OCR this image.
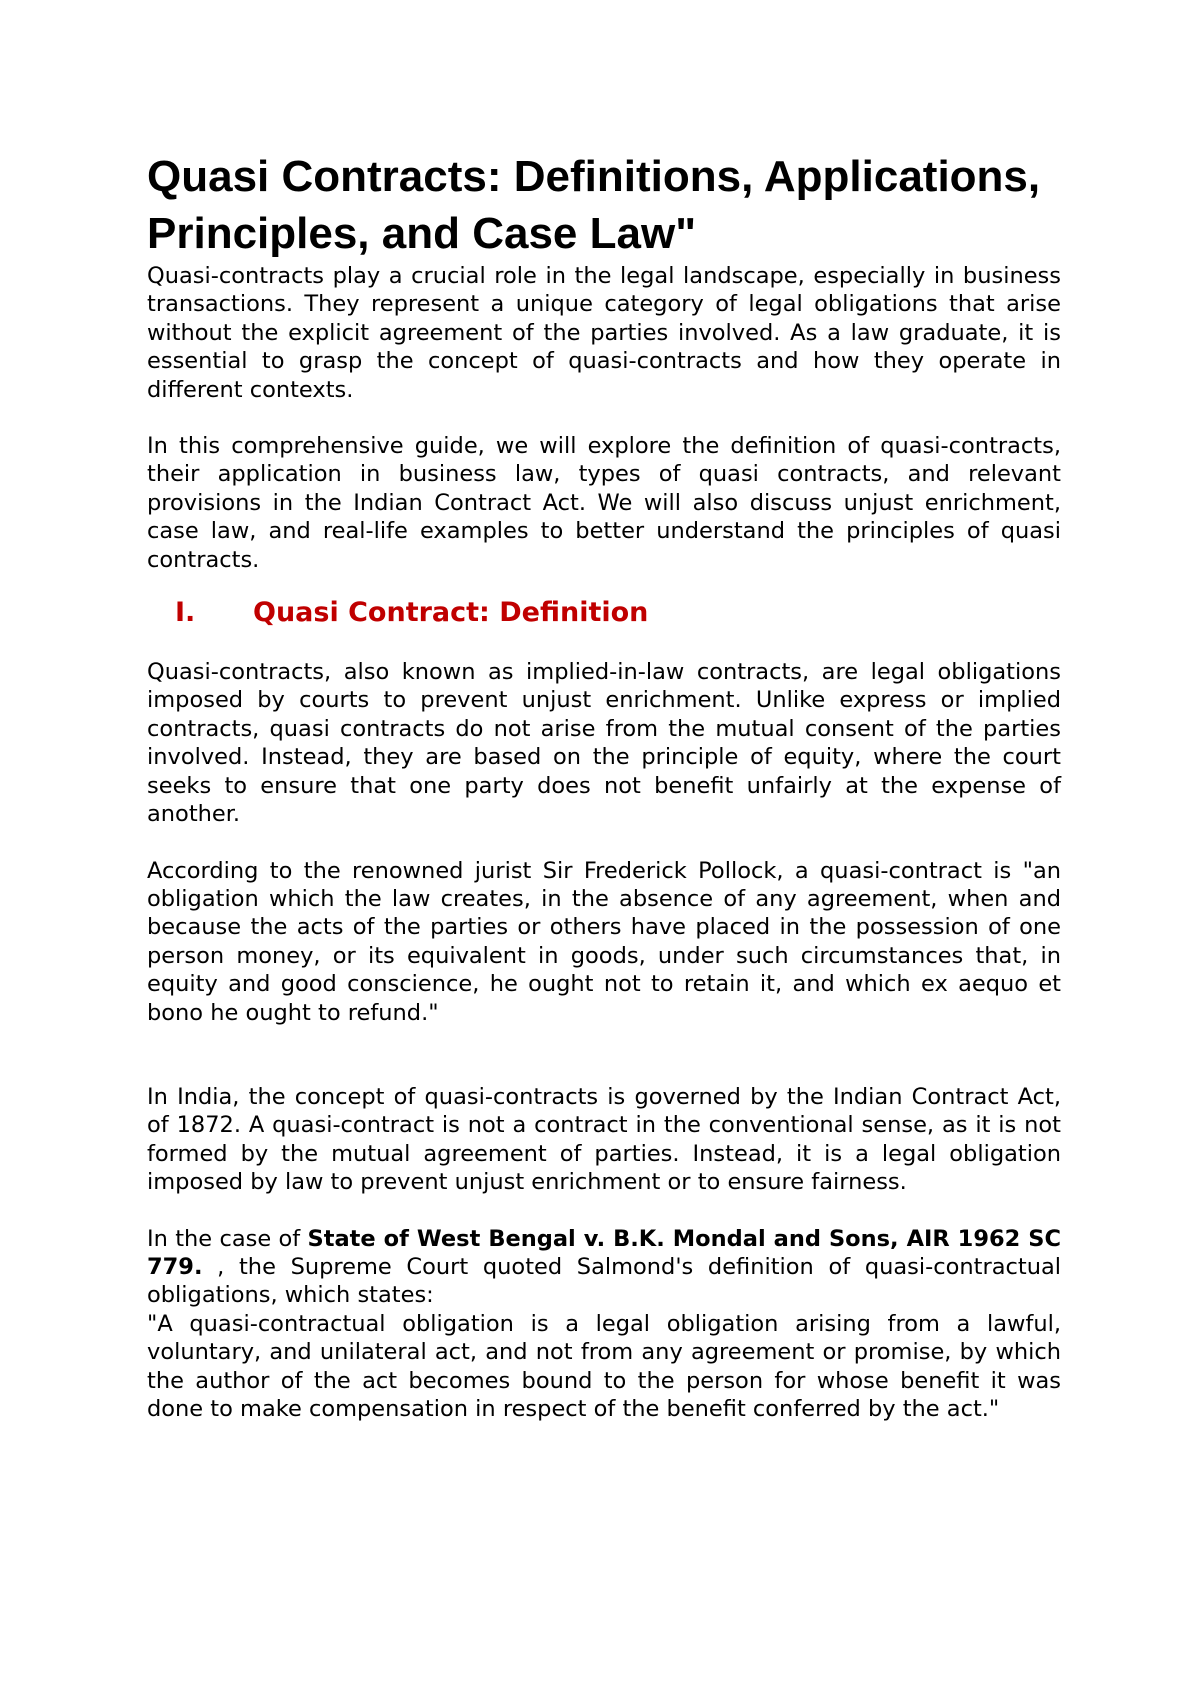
Quasi Contracts: Definitions, Applications, Principles, and Case Law"

Quasi-contracts play a crucial role in the legal landscape, especially in business transactions. They represent a unique category of legal obligations that arise without the explicit agreement of the parties involved. As a law graduate, it is essential to grasp the concept of quasi-contracts and how they operate in different contexts.

In this comprehensive guide, we will explore the definition of quasi-contracts, their application in business law, types of quasi contracts, and relevant provisions in the Indian Contract Act. We will also discuss unjust enrichment, case law, and real-life examples to better understand the principles of quasi contracts.

I.	Quasi Contract: Definition

Quasi-contracts, also known as implied-in-law contracts, are legal obligations imposed by courts to prevent unjust enrichment. Unlike express or implied contracts, quasi contracts do not arise from the mutual consent of the parties involved. Instead, they are based on the principle of equity, where the court seeks to ensure that one party does not benefit unfairly at the expense of another.

According to the renowned jurist Sir Frederick Pollock, a quasi-contract is "an obligation which the law creates, in the absence of any agreement, when and because the acts of the parties or others have placed in the possession of one person money, or its equivalent in goods, under such circumstances that, in equity and good conscience, he ought not to retain it, and which ex aequo et bono he ought to refund."

In India, the concept of quasi-contracts is governed by the Indian Contract Act, of 1872. A quasi-contract is not a contract in the conventional sense, as it is not formed by the mutual agreement of parties. Instead, it is a legal obligation imposed by law to prevent unjust enrichment or to ensure fairness.

In the case of State of West Bengal v. B.K. Mondal and Sons, AIR 1962 SC 779. , the Supreme Court quoted Salmond's definition of quasi-contractual obligations, which states:

"A quasi-contractual obligation is a legal obligation arising from a lawful, voluntary, and unilateral act, and not from any agreement or promise, by which the author of the act becomes bound to the person for whose benefit it was done to make compensation in respect of the benefit conferred by the act."
